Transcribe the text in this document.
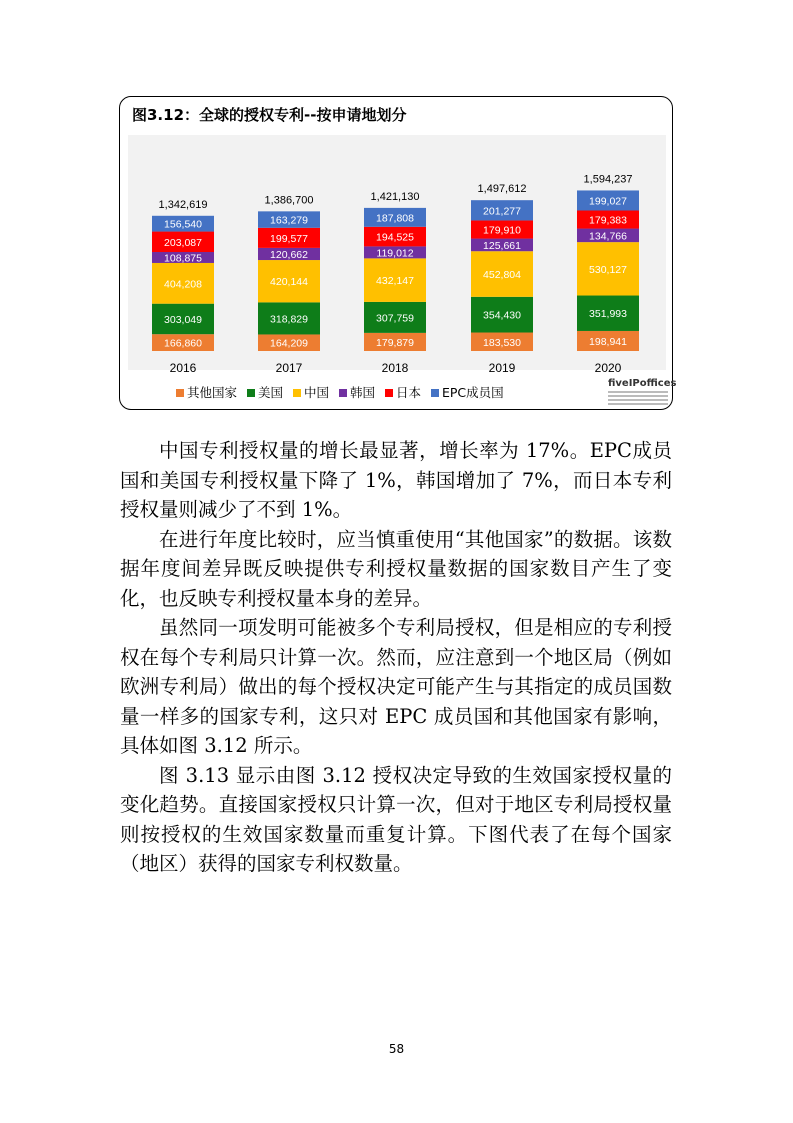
图3.12：全球的授权专利--按申请地划分
其他国家 美国 中国 韩国 日本 EPC成员国
fiveIPoffices
166,860
303,049
404,208
108,875
203,087
156,540
1,342,619
2016
164,209
318,829
420,144
120,662
199,577
163,279
1,386,700
2017
179,879
307,759
432,147
119,012
194,525
187,808
1,421,130
2018
183,530
354,430
452,804
125,661
179,910
201,277
1,497,612
2019
198,941
351,993
530,127
134,766
179,383
199,027
1,594,237
2020

中国专利授权量的增长最显著，增长率为 17%。EPC成员国和美国专利授权量下降了 1%，韩国增加了 7%，而日本专利授权量则减少了不到 1%。

在进行年度比较时，应当慎重使用“其他国家”的数据。该数据年度间差异既反映提供专利授权量数据的国家数目产生了变化，也反映专利授权量本身的差异。

虽然同一项发明可能被多个专利局授权，但是相应的专利授权在每个专利局只计算一次。然而，应注意到一个地区局（例如欧洲专利局）做出的每个授权决定可能产生与其指定的成员国数量一样多的国家专利，这只对 EPC 成员国和其他国家有影响，具体如图 3.12 所示。

图 3.13 显示由图 3.12 授权决定导致的生效国家授权量的变化趋势。直接国家授权只计算一次，但对于地区专利局授权量则按授权的生效国家数量而重复计算。下图代表了在每个国家（地区）获得的国家专利权数量。

58
